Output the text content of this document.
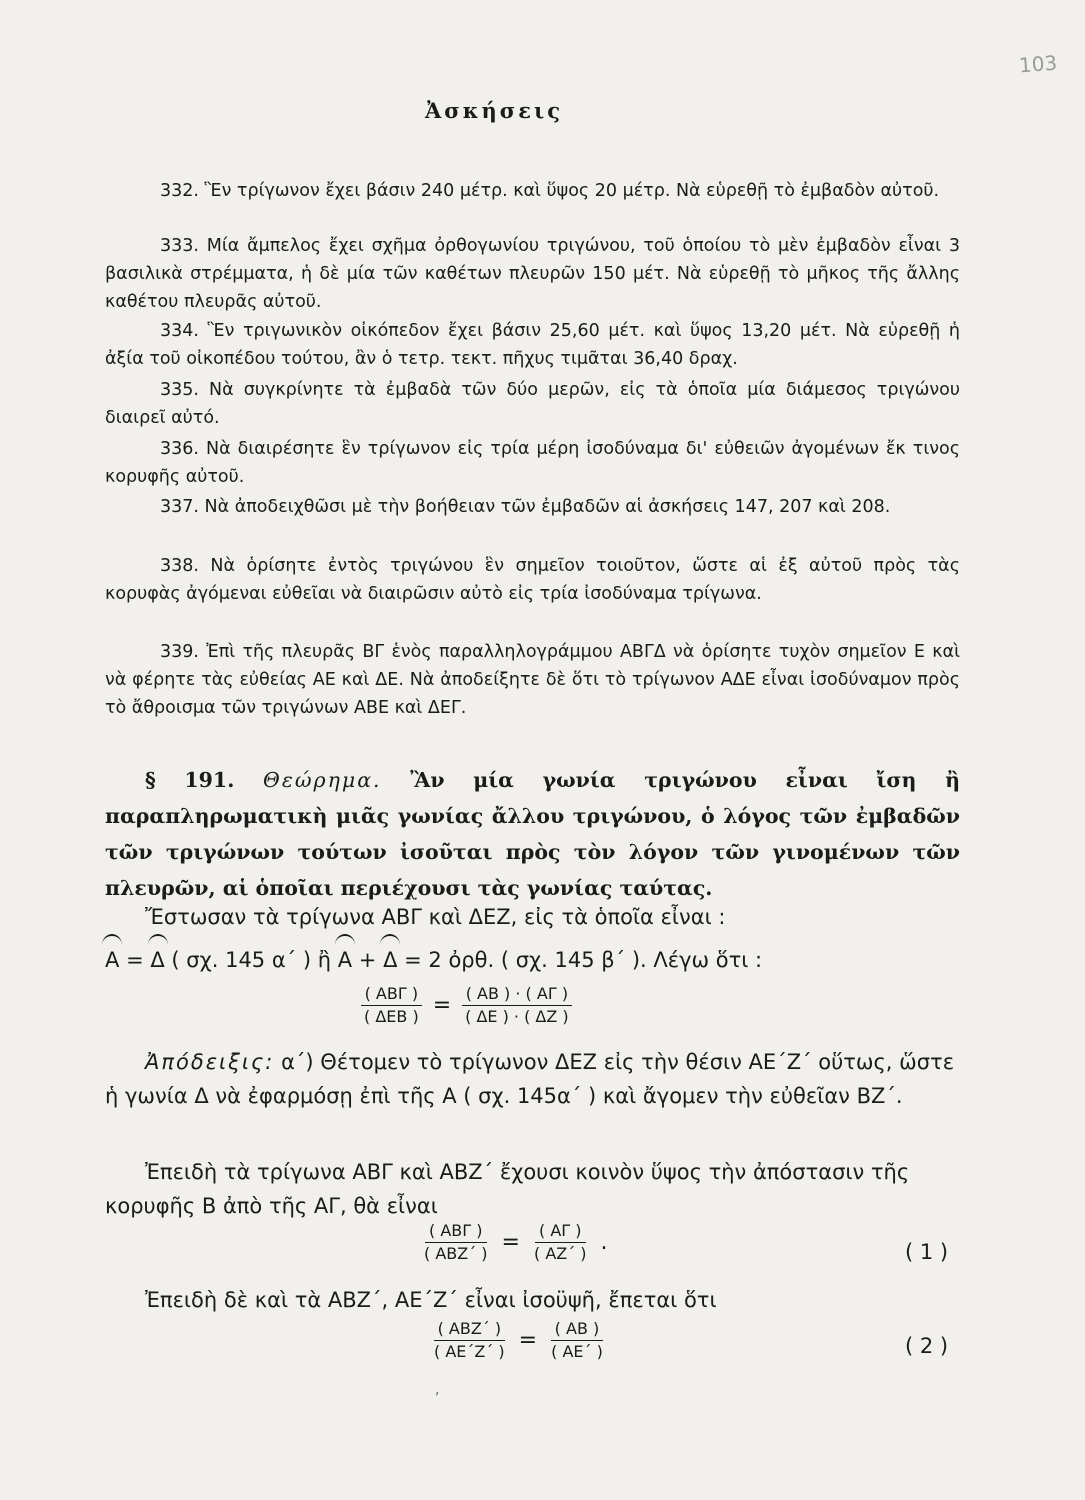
103
Ἀσκήσεις

332. Ἓν τρίγωνον ἔχει βάσιν 240 μέτρ. καὶ ὕψος 20 μέτρ. Νὰ εὑρεθῇ τὸ ἐμβαδὸν αὐτοῦ.

333. Μία ἄμπελος ἔχει σχῆμα ὀρθογωνίου τριγώνου, τοῦ ὁποίου τὸ μὲν ἐμβαδὸν εἶναι 3 βασιλικὰ στρέμματα, ἡ δὲ μία τῶν καθέτων πλευρῶν 150 μέτ. Νὰ εὑρεθῇ τὸ μῆκος τῆς ἄλλης καθέτου πλευρᾶς αὐτοῦ.

334. Ἓν τριγωνικὸν οἰκόπεδον ἔχει βάσιν 25,60 μέτ. καὶ ὕψος 13,20 μέτ. Νὰ εὑρεθῇ ἡ ἀξία τοῦ οἰκοπέδου τούτου, ἂν ὁ τετρ. τεκτ. πῆχυς τιμᾶται 36,40 δραχ.

335. Νὰ συγκρίνητε τὰ ἐμβαδὰ τῶν δύο μερῶν, εἰς τὰ ὁποῖα μία διάμεσος τριγώνου διαιρεῖ αὐτό.

336. Νὰ διαιρέσητε ἓν τρίγωνον εἰς τρία μέρη ἰσοδύναμα δι' εὐθειῶν ἀγομένων ἔκ τινος κορυφῆς αὐτοῦ.

337. Νὰ ἀποδειχθῶσι μὲ τὴν βοήθειαν τῶν ἐμβαδῶν αἱ ἀσκήσεις 147, 207 καὶ 208.

338. Νὰ ὁρίσητε ἐντὸς τριγώνου ἓν σημεῖον τοιοῦτον, ὥστε αἱ ἐξ αὐτοῦ πρὸς τὰς κορυφὰς ἀγόμεναι εὐθεῖαι νὰ διαιρῶσιν αὐτὸ εἰς τρία ἰσοδύναμα τρίγωνα.

339. Ἐπὶ τῆς πλευρᾶς ΒΓ ἑνὸς παραλληλογράμμου ΑΒΓΔ νὰ ὁρίσητε τυχὸν σημεῖον Ε καὶ νὰ φέρητε τὰς εὐθείας ΑΕ καὶ ΔΕ. Νὰ ἀποδείξητε δὲ ὅτι τὸ τρίγωνον ΑΔΕ εἶναι ἰσοδύναμον πρὸς τὸ ἄθροισμα τῶν τριγώνων ΑΒΕ καὶ ΔΕΓ.

§ 191. Θεώρημα. Ἂν μία γωνία τριγώνου εἶναι ἴση ἢ παραπληρωματικὴ μιᾶς γωνίας ἄλλου τριγώνου, ὁ λόγος τῶν ἐμβαδῶν τῶν τριγώνων τούτων ἰσοῦται πρὸς τὸν λόγον τῶν γινομένων τῶν πλευρῶν, αἱ ὁποῖαι περιέχουσι τὰς γωνίας ταύτας.
Ἔστωσαν τὰ τρίγωνα ΑΒΓ καὶ ΔΕΖ, εἰς τὰ ὁποῖα εἶναι :
Α = Δ ( σχ. 145 α΄ ) ἢ Α + Δ = 2 ὀρθ. ( σχ. 145 β΄ ). Λέγω ὅτι :
$\frac{\text{( ΑΒΓ )}}{\text{( ΔΕΒ )}} = \frac{( AB ) \cdot ( A\Gamma )}{( \Delta E ) \cdot ( \Delta Z )}$
Ἀπόδειξις: α΄) Θέτομεν τὸ τρίγωνον ΔΕΖ εἰς τὴν θέσιν ΑΕ΄Ζ΄ οὕτως, ὥστε ἡ γωνία Δ νὰ ἐφαρμόσῃ ἐπὶ τῆς Α ( σχ. 145α΄ ) καὶ ἄγομεν τὴν εὐθεῖαν ΒΖ΄.
Ἐπειδὴ τὰ τρίγωνα ΑΒΓ καὶ ΑΒΖ΄ ἔχουσι κοινὸν ὕψος τὴν ἀπόστασιν τῆς κορυφῆς Β ἀπὸ τῆς ΑΓ, θὰ εἶναι
$\frac{\text{( ΑΒΓ )}}{\text{( ΑΒΖ΄ )}} = \frac{( A\Gamma )}{( AZ΄ )}$ .	( 1 )
Ἐπειδὴ δὲ καὶ τὰ ΑΒΖ΄, ΑΕ΄Ζ΄ εἶναι ἰσοϋψῆ, ἔπεται ὅτι
$\frac{\text{( ΑΒΖ΄ )}}{( AE΄Z΄ )} = \frac{( AB )}{( AE΄ )}$	( 2 )
,
